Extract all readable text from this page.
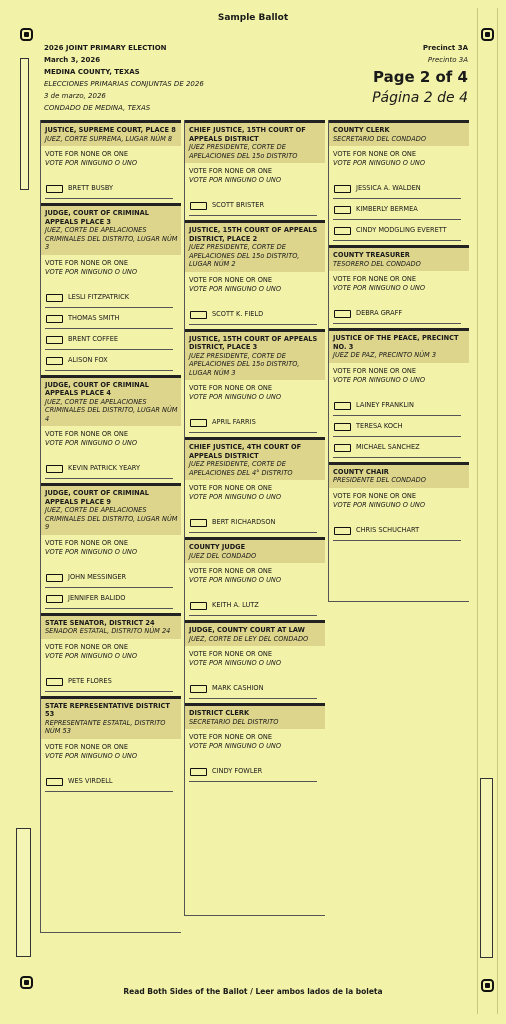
Sample Ballot
2026 JOINT PRIMARY ELECTION
March 3, 2026
MEDINA COUNTY, TEXAS
ELECCIONES PRIMARIAS CONJUNTAS DE 2026
3 de marzo, 2026
CONDADO DE MEDINA, TEXAS
Precinct 3A
Precinto 3A
Page 2 of 4
Página 2 de 4
JUSTICE, SUPREME COURT, PLACE 8
JUEZ, CORTE SUPREMA, LUGAR NÚM 8
VOTE FOR NONE OR ONE
VOTE POR NINGUNO O UNO
BRETT BUSBY
JUDGE, COURT OF CRIMINAL APPEALS PLACE 3
JUEZ, CORTE DE APELACIONES CRIMINALES DEL DISTRITO, LUGAR NÚM 3
VOTE FOR NONE OR ONE
VOTE POR NINGUNO O UNO
LESLI FITZPATRICK
THOMAS SMITH
BRENT COFFEE
ALISON FOX
JUDGE, COURT OF CRIMINAL APPEALS PLACE 4
JUEZ, CORTE DE APELACIONES CRIMINALES DEL DISTRITO, LUGAR NÚM 4
VOTE FOR NONE OR ONE
VOTE POR NINGUNO O UNO
KEVIN PATRICK YEARY
JUDGE, COURT OF CRIMINAL APPEALS PLACE 9
JUEZ, CORTE DE APELACIONES CRIMINALES DEL DISTRITO, LUGAR NÚM 9
VOTE FOR NONE OR ONE
VOTE POR NINGUNO O UNO
JOHN MESSINGER
JENNIFER BALIDO
STATE SENATOR, DISTRICT 24
SENADOR ESTATAL, DISTRITO NÚM 24
VOTE FOR NONE OR ONE
VOTE POR NINGUNO O UNO
PETE FLORES
STATE REPRESENTATIVE DISTRICT 53
REPRESENTANTE ESTATAL, DISTRITO NÚM 53
VOTE FOR NONE OR ONE
VOTE POR NINGUNO O UNO
WES VIRDELL
CHIEF JUSTICE, 15TH COURT OF APPEALS DISTRICT
JUEZ PRESIDENTE, CORTE DE APELACIONES DEL 15o DISTRITO
VOTE FOR NONE OR ONE
VOTE POR NINGUNO O UNO
SCOTT BRISTER
JUSTICE, 15TH COURT OF APPEALS DISTRICT, PLACE 2
JUEZ PRESIDENTE, CORTE DE APELACIONES DEL 15o DISTRITO, LUGAR NÚM 2
VOTE FOR NONE OR ONE
VOTE POR NINGUNO O UNO
SCOTT K. FIELD
JUSTICE, 15TH COURT OF APPEALS DISTRICT, PLACE 3
JUEZ PRESIDENTE, CORTE DE APELACIONES DEL 15o DISTRITO, LUGAR NÚM 3
VOTE FOR NONE OR ONE
VOTE POR NINGUNO O UNO
APRIL FARRIS
CHIEF JUSTICE, 4TH COURT OF APPEALS DISTRICT
JUEZ PRESIDENTE, CORTE DE APELACIONES DEL 4° DISTRITO
VOTE FOR NONE OR ONE
VOTE POR NINGUNO O UNO
BERT RICHARDSON
COUNTY JUDGE
JUEZ DEL CONDADO
VOTE FOR NONE OR ONE
VOTE POR NINGUNO O UNO
KEITH A. LUTZ
JUDGE, COUNTY COURT AT LAW
JUEZ, CORTE DE LEY DEL CONDADO
VOTE FOR NONE OR ONE
VOTE POR NINGUNO O UNO
MARK CASHION
DISTRICT CLERK
SECRETARIO DEL DISTRITO
VOTE FOR NONE OR ONE
VOTE POR NINGUNO O UNO
CINDY FOWLER
COUNTY CLERK
SECRETARIO DEL CONDADO
VOTE FOR NONE OR ONE
VOTE POR NINGUNO O UNO
JESSICA A. WALDEN
KIMBERLY BERMEA
CINDY MODGLING EVERETT
COUNTY TREASURER
TESORERO DEL CONDADO
VOTE FOR NONE OR ONE
VOTE POR NINGUNO O UNO
DEBRA GRAFF
JUSTICE OF THE PEACE, PRECINCT NO. 3
JUEZ DE PAZ, PRECINTO NÚM 3
VOTE FOR NONE OR ONE
VOTE POR NINGUNO O UNO
LAINEY FRANKLIN
TERESA KOCH
MICHAEL SANCHEZ
COUNTY CHAIR
PRESIDENTE DEL CONDADO
VOTE FOR NONE OR ONE
VOTE POR NINGUNO O UNO
CHRIS SCHUCHART
Read Both Sides of the Ballot / Leer ambos lados de la boleta
